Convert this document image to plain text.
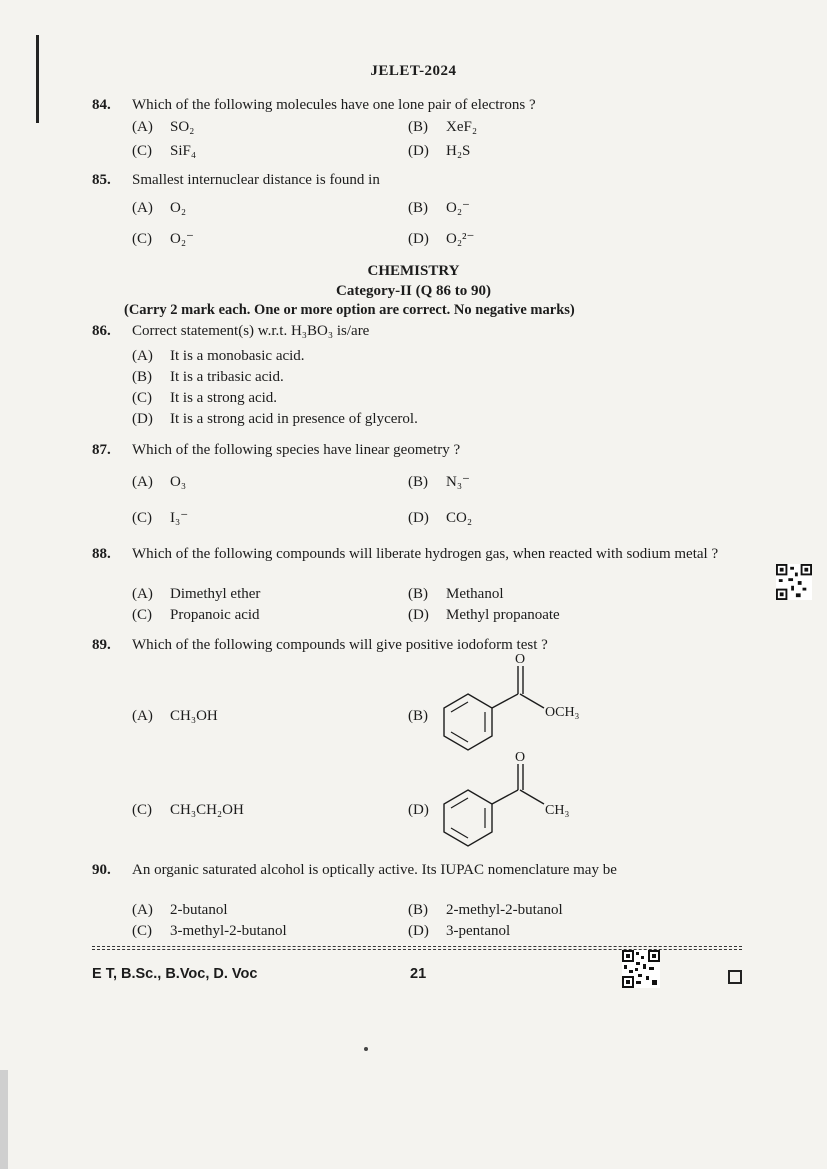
JELET-2024
84. Which of the following molecules have one lone pair of electrons ?
(A) SO₂	(B) XeF₂
(C) SiF₄	(D) H₂S
85. Smallest internuclear distance is found in
(A) O₂	(B) O₂⁻
(C) O₂⁻	(D) O₂²⁻
CHEMISTRY
Category-II (Q 86 to 90)
(Carry 2 mark each. One or more option are correct. No negative marks)
86. Correct statement(s) w.r.t. H₃BO₃ is/are
(A) It is a monobasic acid.
(B) It is a tribasic acid.
(C) It is a strong acid.
(D) It is a strong acid in presence of glycerol.
87. Which of the following species have linear geometry ?
(A) O₃	(B) N₃⁻
(C) I₃⁻	(D) CO₂
88. Which of the following compounds will liberate hydrogen gas, when reacted with sodium metal ?
(A) Dimethyl ether	(B) Methanol
(C) Propanoic acid	(D) Methyl propanoate
89. Which of the following compounds will give positive iodoform test ?
(A) CH₃OH	(B)
O
OCH₃
(C) CH₃CH₂OH	(D)
O
CH₃
90. An organic saturated alcohol is optically active. Its IUPAC nomenclature may be
(A) 2-butanol	(B) 2-methyl-2-butanol
(C) 3-methyl-2-butanol	(D) 3-pentanol
E T, B.Sc., B.Voc, D. Voc	21
